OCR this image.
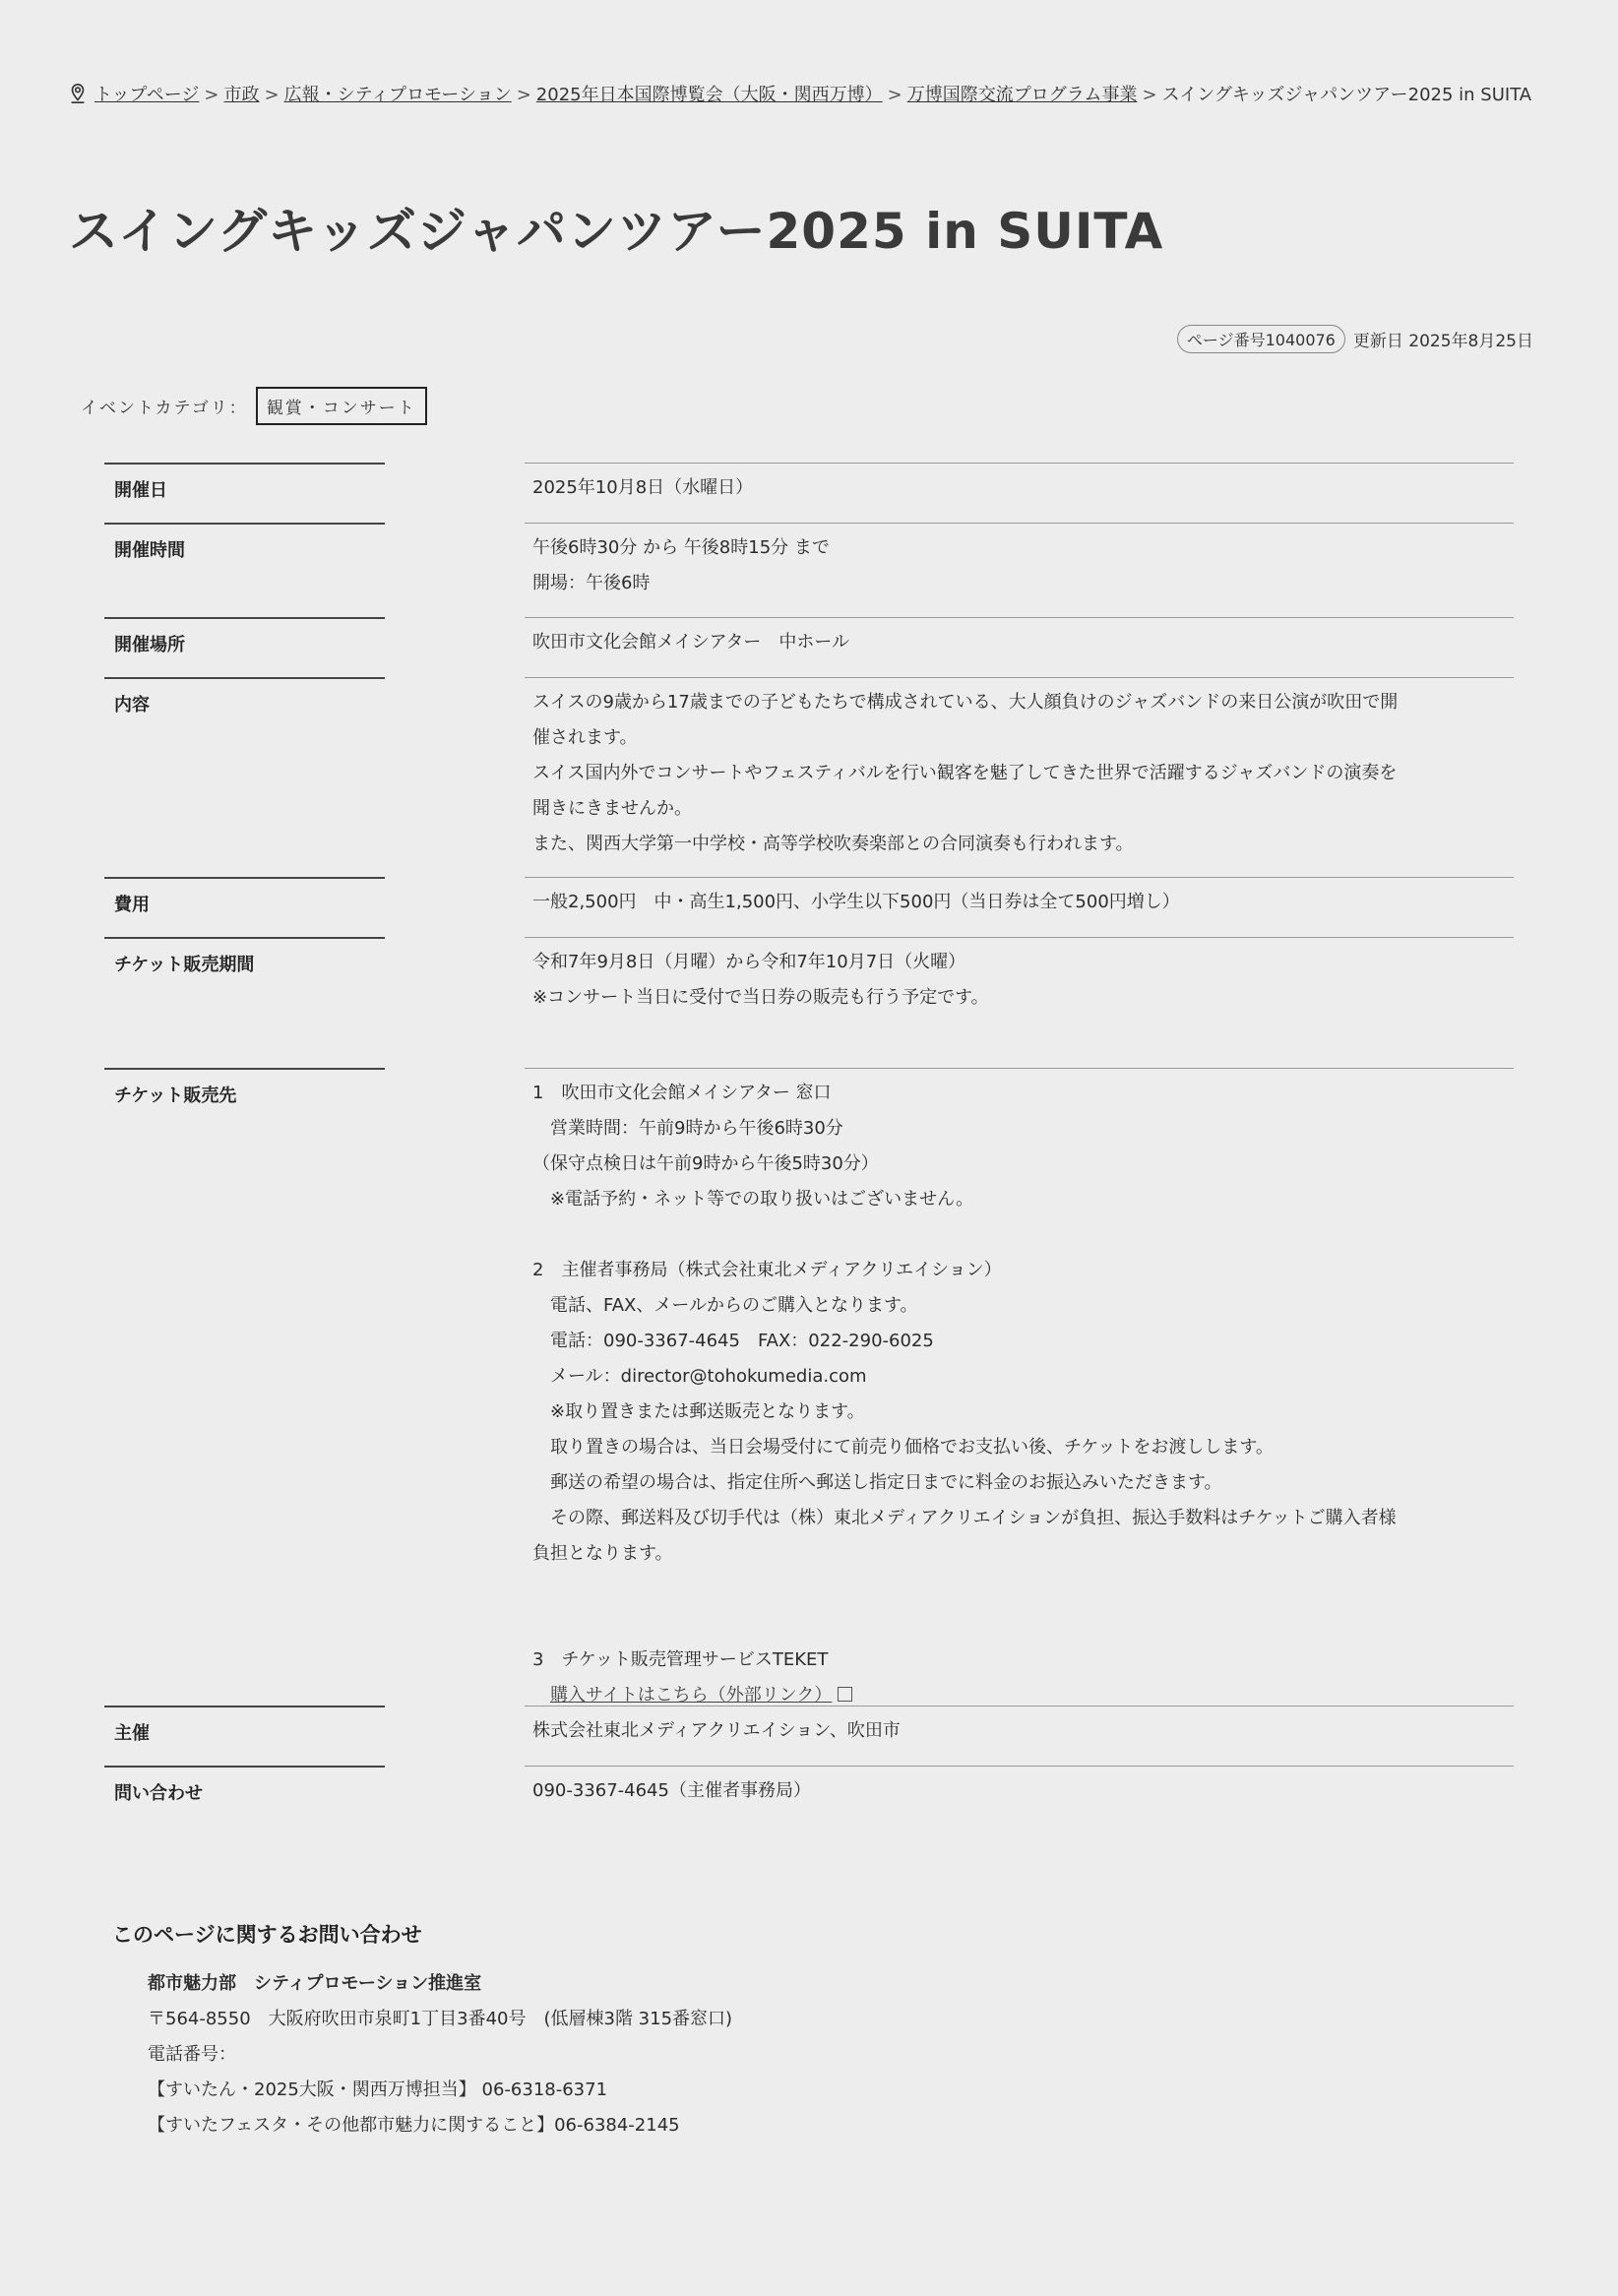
トップページ > 市政 > 広報・シティプロモーション > 2025年日本国際博覧会（大阪・関西万博） > 万博国際交流プログラム事業 > スイングキッズジャパンツアー2025 in SUITA
スイングキッズジャパンツアー2025 in SUITA
ページ番号1040076	更新日 2025年8月25日
イベントカテゴリ：	観賞・コンサート
開催日	2025年10月8日（水曜日）
開催時間	午後6時30分 から 午後8時15分 まで
開場：午後6時
開催場所	吹田市文化会館メイシアター　中ホール
内容	スイスの9歳から17歳までの子どもたちで構成されている、大人顔負けのジャズバンドの来日公演が吹田で開
催されます。
スイス国内外でコンサートやフェスティバルを行い観客を魅了してきた世界で活躍するジャズバンドの演奏を
聞きにきませんか。
また、関西大学第一中学校・高等学校吹奏楽部との合同演奏も行われます。
費用	一般2,500円　中・高生1,500円、小学生以下500円（当日券は全て500円増し）
チケット販売期間	令和7年9月8日（月曜）から令和7年10月7日（火曜）
※コンサート当日に受付で当日券の販売も行う予定です。
チケット販売先	1　吹田市文化会館メイシアター 窓口
　営業時間：午前9時から午後6時30分
（保守点検日は午前9時から午後5時30分）
　※電話予約・ネット等での取り扱いはございません。

2　主催者事務局（株式会社東北メディアクリエイション）
　電話、FAX、メールからのご購入となります。
　電話：090-3367-4645　FAX：022-290-6025
　メール：director@tohokumedia.com
　※取り置きまたは郵送販売となります。
　取り置きの場合は、当日会場受付にて前売り価格でお支払い後、チケットをお渡しします。
　郵送の希望の場合は、指定住所へ郵送し指定日までに料金のお振込みいただきます。
　その際、郵送料及び切手代は（株）東北メディアクリエイションが負担、振込手数料はチケットご購入者様
負担となります。

3　チケット販売管理サービスTEKET
　購入サイトはこちら（外部リンク）
主催	株式会社東北メディアクリエイション、吹田市
問い合わせ	090-3367-4645（主催者事務局）
このページに関するお問い合わせ
都市魅力部　シティプロモーション推進室
〒564-8550　大阪府吹田市泉町1丁目3番40号　(低層棟3階 315番窓口)
電話番号：
【すいたん・2025大阪・関西万博担当】 06-6318-6371
【すいたフェスタ・その他都市魅力に関すること】06-6384-2145
